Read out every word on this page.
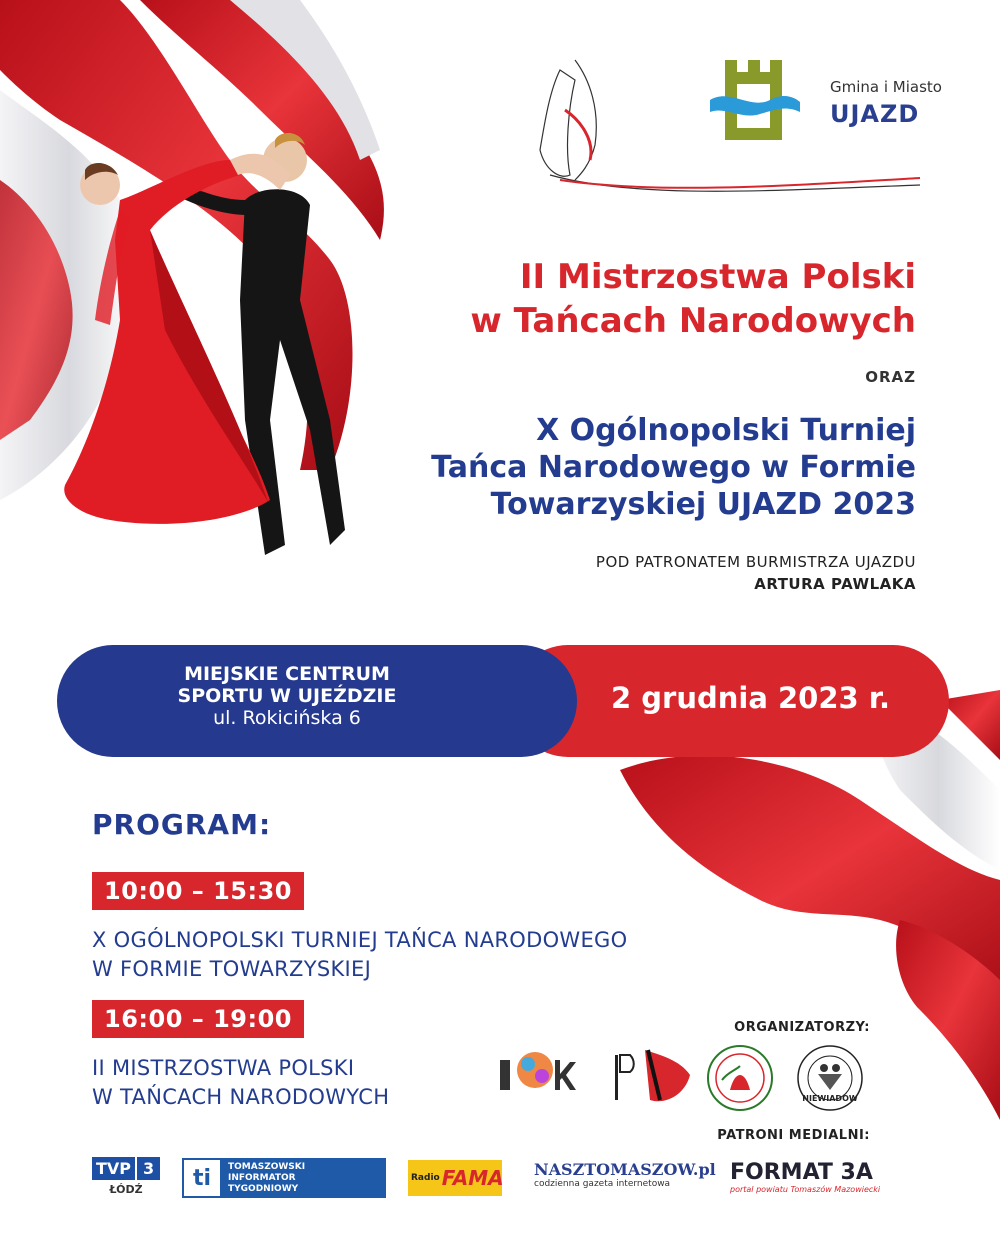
Gmina i Miasto
UJAZD
II Mistrzostwa Polski
w Tańcach Narodowych
ORAZ
X Ogólnopolski Turniej
Tańca Narodowego w Formie
Towarzyskiej UJAZD 2023
POD PATRONATEM BURMISTRZA UJAZDU
ARTURA PAWLAKA
2 grudnia 2023 r.
MIEJSKIE CENTRUM
SPORTU W UJEŹDZIE
ul. Rokicińska 6
PROGRAM:
10:00 – 15:30
X OGÓLNOPOLSKI TURNIEJ TAŃCA NARODOWEGO
W FORMIE TOWARZYSKIEJ
16:00 – 19:00
II MISTRZOSTWA POLSKI
W TAŃCACH NARODOWYCH
ORGANIZATORZY:
NIEWIADÓW
PATRONI MEDIALNI:
TVP 3
ŁÓDŹ	ti	TOMASZOWSKI
INFORMATOR
TYGODNIOWY
Radio FAMA NASZTOMASZOW.pl
codzienna gazeta internetowa	FORMAT 3A
portal powiatu Tomaszów Mazowiecki
